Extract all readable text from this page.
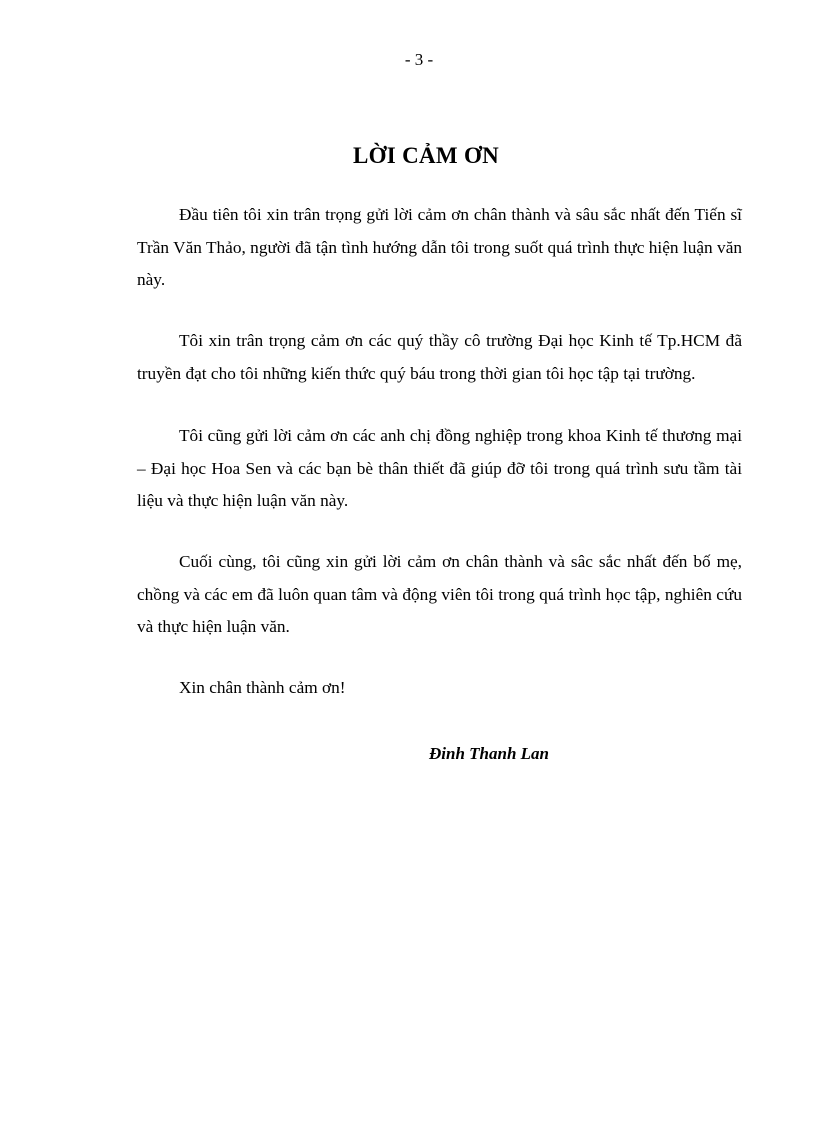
- 3 -
LỜI CẢM ƠN

Đầu tiên tôi xin trân trọng gửi lời cảm ơn chân thành và sâu sắc nhất đến Tiến sĩ Trần Văn Thảo, người đã tận tình hướng dẫn tôi trong suốt quá trình thực hiện luận văn này.

Tôi xin trân trọng cảm ơn các quý thầy cô trường Đại học Kinh tế Tp.HCM đã truyền đạt cho tôi những kiến thức quý báu trong thời gian tôi học tập tại trường.

Tôi cũng gửi lời cảm ơn các anh chị đồng nghiệp trong khoa Kinh tế thương mại – Đại học Hoa Sen và các bạn bè thân thiết đã giúp đỡ tôi trong quá trình sưu tầm tài liệu và thực hiện luận văn này.

Cuối cùng, tôi cũng xin gửi lời cảm ơn chân thành và sâc sắc nhất đến bố mẹ, chồng và các em đã luôn quan tâm và động viên tôi trong quá trình học tập, nghiên cứu và thực hiện luận văn.

Xin chân thành cảm ơn!

Đinh Thanh Lan
